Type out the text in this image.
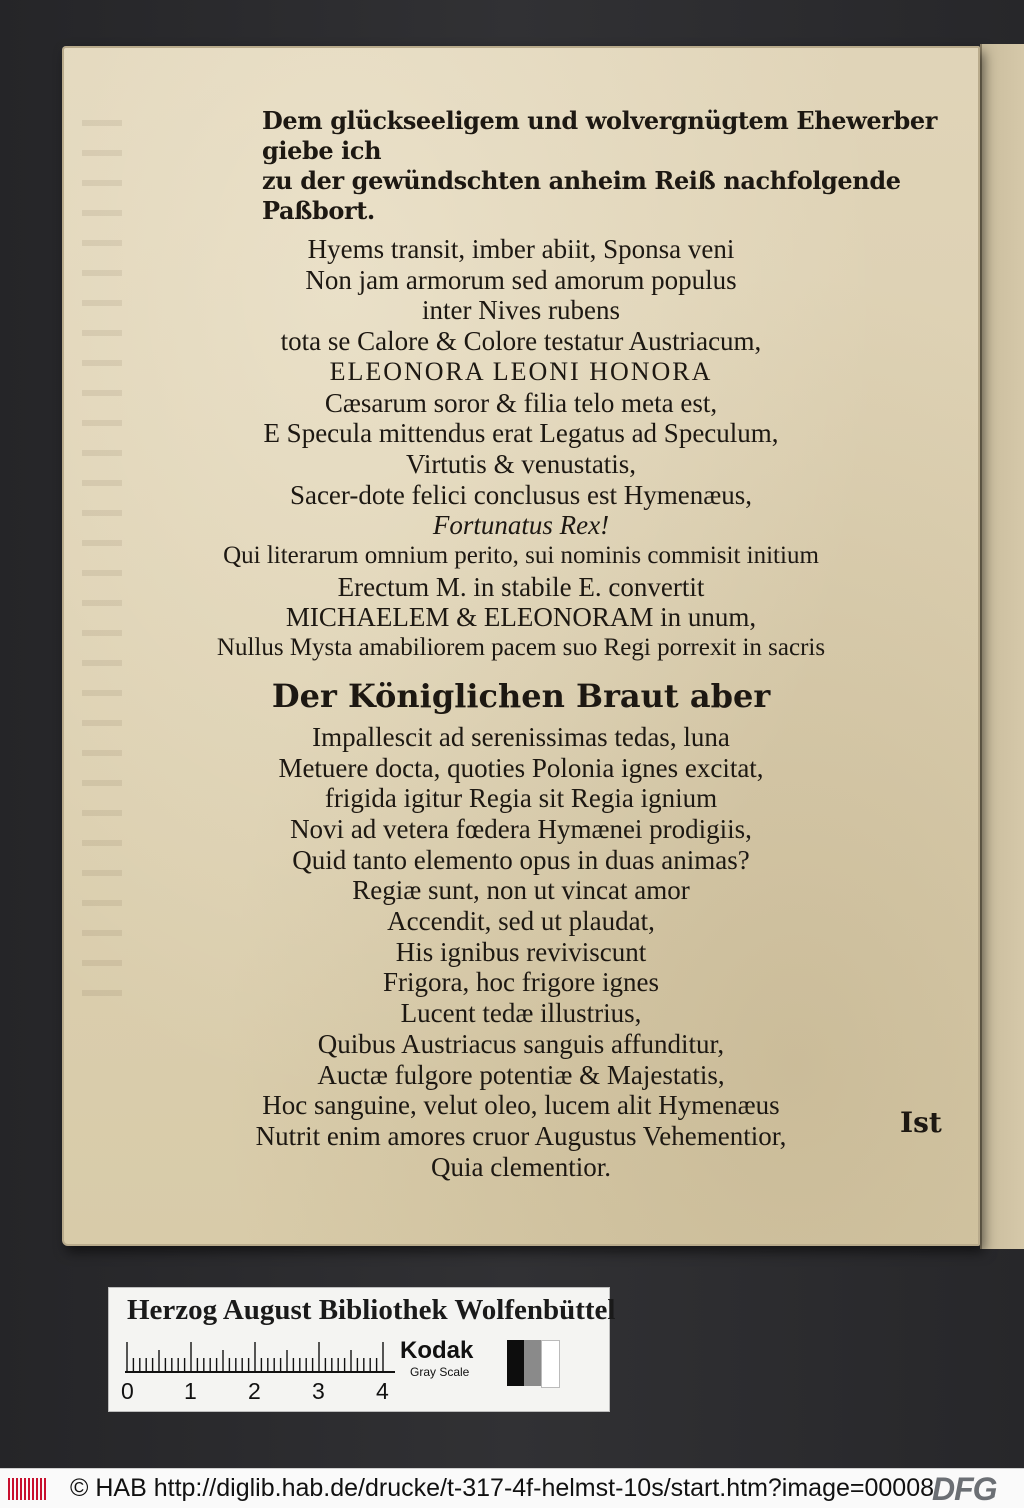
Dem glückseeligem und wolvergnügtem Ehewerber giebe ich
zu der gewündschten anheim Reiß nachfolgende Paßbort.
Hyems transit, imber abiit, Sponsa veni
Non jam armorum sed amorum populus
inter Nives rubens
tota se Calore & Colore testatur Austriacum,
ELEONORA LEONI HONORA
Cæsarum soror & filia telo meta est,
E Specula mittendus erat Legatus ad Speculum,
Virtutis & venustatis,
Sacer-dote felici conclusus est Hymenæus,
Fortunatus Rex!
Qui literarum omnium perito, sui nominis commisit initium
Erectum M. in stabile E. convertit
MICHAELEM & ELEONORAM in unum,
Nullus Mysta amabiliorem pacem suo Regi porrexit in sacris
Der Königlichen Braut aber
Impallescit ad serenissimas tedas, luna
Metuere docta, quoties Polonia ignes excitat,
frigida igitur Regia sit Regia ignium
Novi ad vetera fœdera Hymænei prodigiis,
Quid tanto elemento opus in duas animas?
Regiæ sunt, non ut vincat amor
Accendit, sed ut plaudat,
His ignibus reviviscunt
Frigora, hoc frigore ignes
Lucent tedæ illustrius,
Quibus Austriacus sanguis affunditur,
Auctæ fulgore potentiæ & Majestatis,
Hoc sanguine, velut oleo, lucem alit Hymenæus
Nutrit enim amores cruor Augustus Vehementior,
Quia clementior.
Ist
Herzog August Bibliothek Wolfenbüttel
0 1 2 3 4
Kodak
Gray Scale
© HAB http://diglib.hab.de/drucke/t-317-4f-helmst-10s/start.htm?image=00008
DFG
